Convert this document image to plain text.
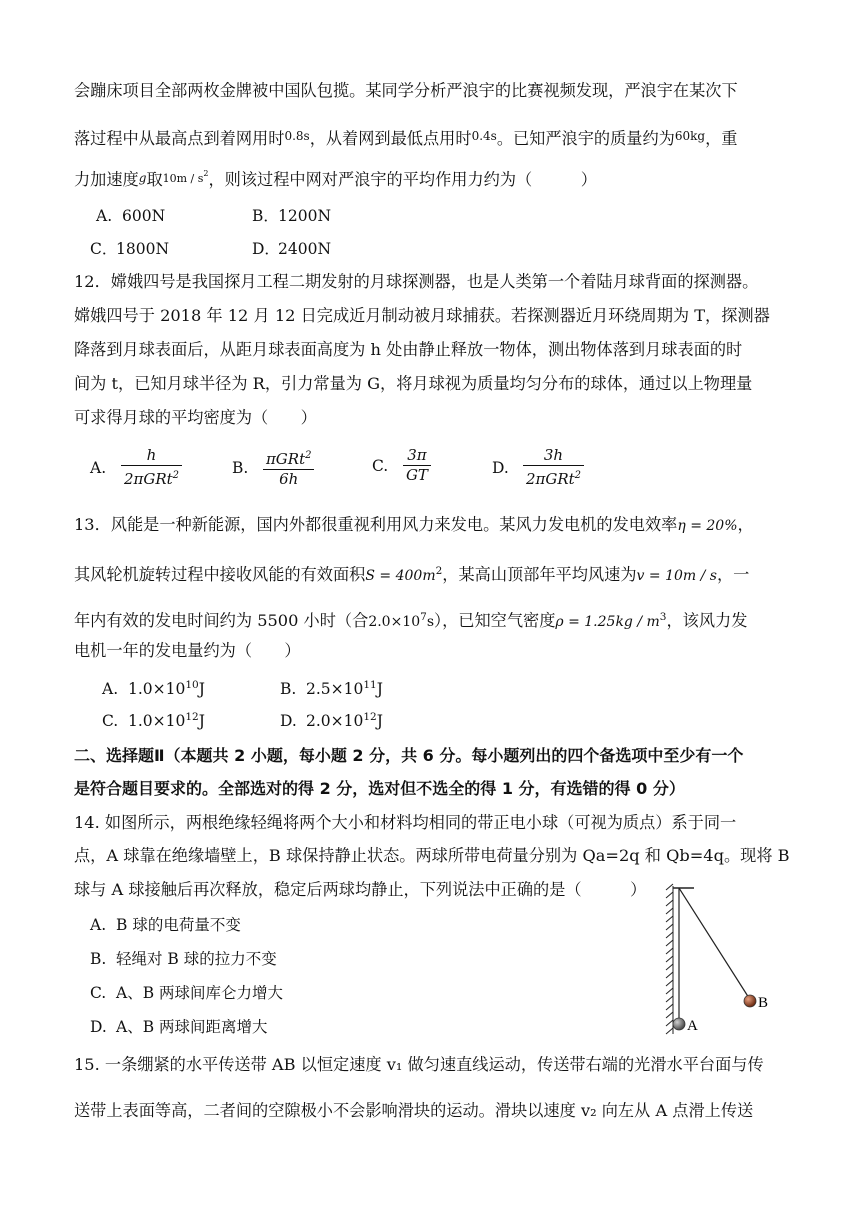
会蹦床项目全部两枚金牌被中国队包揽。某同学分析严浪宇的比赛视频发现，严浪宇在某次下
落过程中从最高点到着网用时$^{0.8s}$，从着网到最低点用时$^{0.4s}$。已知严浪宇的质量约为$^{60kg}$，重
力加速度$^g$取$10m / s^2$，则该过程中网对严浪宇的平均作用力约为（　　　）
A. 600N	B．1200N
C．1800N	D．2400N
12．嫦娥四号是我国探月工程二期发射的月球探测器，也是人类第一个着陆月球背面的探测器。
嫦娥四号于 2018 年 12 月 12 日完成近月制动被月球捕获。若探测器近月环绕周期为 T，探测器
降落到月球表面后，从距月球表面高度为 h 处由静止释放一物体，测出物体落到月球表面的时
间为 t，已知月球半径为 R，引力常量为 G，将月球视为质量均匀分布的球体，通过以上物理量
可求得月球的平均密度为（　　）
A. $\frac{h}{2\pi GRt^2}$	B. $\frac{\pi GRt^2}{6h}$	C. $\frac{3\pi}{GT}$	D. $\frac{3h}{2\pi GRt^2}$
13．风能是一种新能源，国内外都很重视利用风力来发电。某风力发电机的发电效率η = 20%，
其风轮机旋转过程中接收风能的有效面积$S = 400m^2$，某高山顶部年平均风速为v = 10m / s，一
年内有效的发电时间约为 5500 小时（合$2.0\times 10^7s$），已知空气密度$\rho = 1.25kg / m^3$，该风力发
电机一年的发电量约为（　　）
A. $1.0\times 10^{10}J$	B. $2.5\times 10^{11}J$
C. $1.0\times 10^{12}J$	D. $2.0\times 10^{12}J$
二、选择题Ⅱ（本题共 2 小题，每小题 2 分，共 6 分。每小题列出的四个备选项中至少有一个
是符合题目要求的。全部选对的得 2 分，选对但不选全的得 1 分，有选错的得 0 分）
14. 如图所示，两根绝缘轻绳将两个大小和材料均相同的带正电小球（可视为质点）系于同一
点，A 球靠在绝缘墙壁上，B 球保持静止状态。两球所带电荷量分别为 Qa=2q 和 Qb=4q。现将 B
球与 A 球接触后再次释放，稳定后两球均静止，下列说法中正确的是（　　　）
A. B 球的电荷量不变
B. 轻绳对 B 球的拉力不变
C. A、B 两球间库仑力增大
D. A、B 两球间距离增大	A
B
15. 一条绷紧的水平传送带 AB 以恒定速度 v₁ 做匀速直线运动，传送带右端的光滑水平台面与传
送带上表面等高，二者间的空隙极小不会影响滑块的运动。滑块以速度 v₂ 向左从 A 点滑上传送
